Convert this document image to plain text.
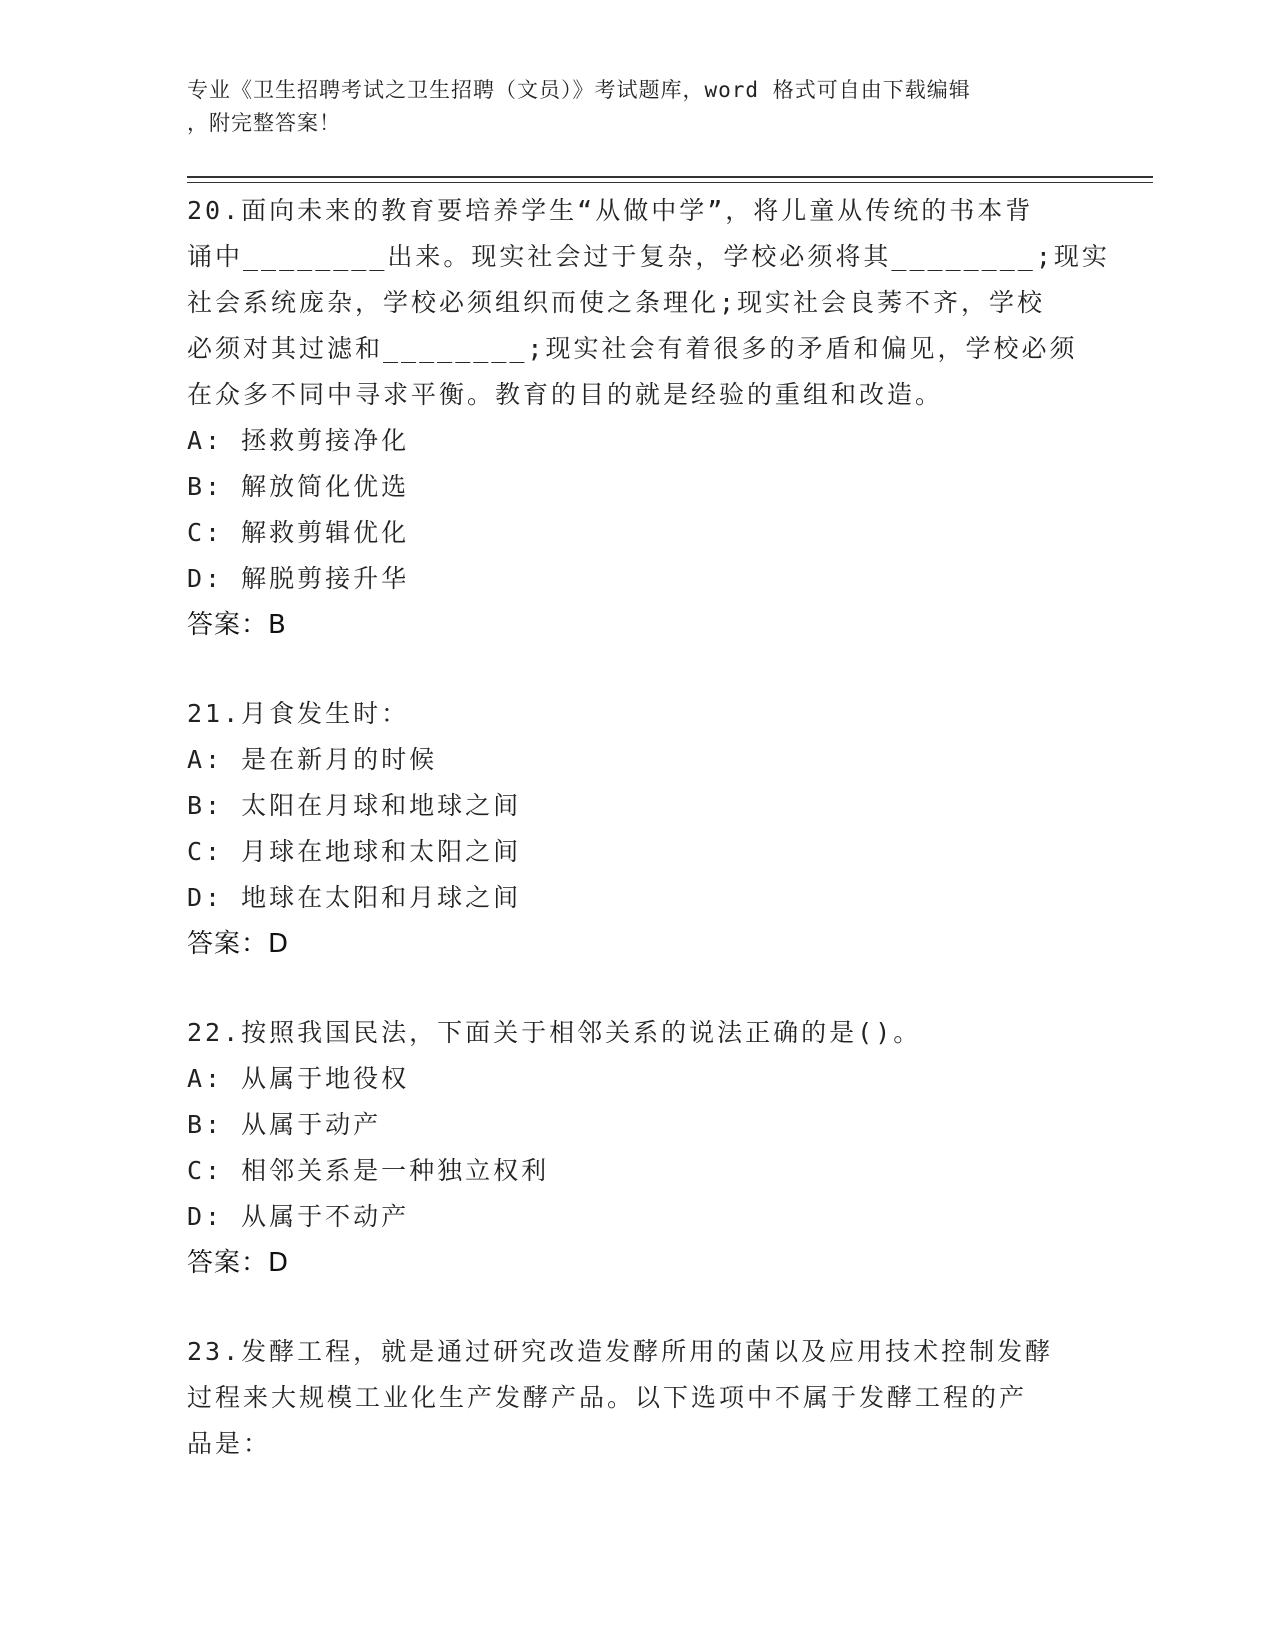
专业《卫生招聘考试之卫生招聘（文员）》考试题库，word 格式可自由下载编辑
，附完整答案！
20.面向未来的教育要培养学生“从做中学”，将儿童从传统的书本背
诵中________出来。现实社会过于复杂，学校必须将其________;现实
社会系统庞杂，学校必须组织而使之条理化;现实社会良莠不齐，学校
必须对其过滤和________;现实社会有着很多的矛盾和偏见，学校必须
在众多不同中寻求平衡。教育的目的就是经验的重组和改造。
A: 拯救剪接净化
B: 解放简化优选
C: 解救剪辑优化
D: 解脱剪接升华
答案：B
21.月食发生时：
A: 是在新月的时候
B: 太阳在月球和地球之间
C: 月球在地球和太阳之间
D: 地球在太阳和月球之间
答案：D
22.按照我国民法，下面关于相邻关系的说法正确的是()。
A: 从属于地役权
B: 从属于动产
C: 相邻关系是一种独立权利
D: 从属于不动产
答案：D
23.发酵工程，就是通过研究改造发酵所用的菌以及应用技术控制发酵
过程来大规模工业化生产发酵产品。以下选项中不属于发酵工程的产
品是：
